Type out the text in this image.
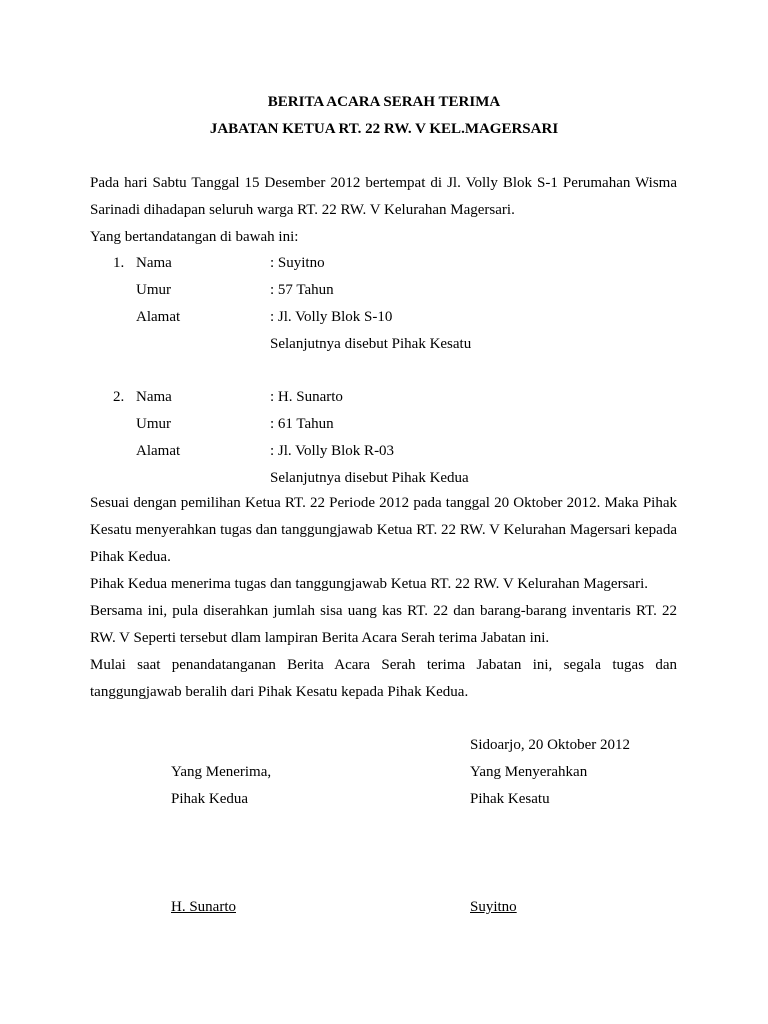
BERITA ACARA SERAH TERIMA
JABATAN KETUA RT. 22 RW. V KEL.MAGERSARI

Pada hari Sabtu Tanggal 15 Desember 2012 bertempat di Jl. Volly Blok S-1 Perumahan Wisma Sarinadi dihadapan seluruh warga RT. 22 RW. V Kelurahan Magersari.

Yang bertandatangan di bawah ini:

1. Nama	: Suyitno
Umur	: 57 Tahun
Alamat	: Jl. Volly Blok S-10
Selanjutnya disebut Pihak Kesatu
2. Nama	: H. Sunarto
Umur	: 61 Tahun
Alamat	: Jl. Volly Blok R-03
Selanjutnya disebut Pihak Kedua

Sesuai dengan pemilihan Ketua RT. 22 Periode 2012 pada tanggal 20 Oktober 2012. Maka Pihak Kesatu menyerahkan tugas dan tanggungjawab Ketua RT. 22 RW. V Kelurahan Magersari kepada Pihak Kedua.

Pihak Kedua menerima tugas dan tanggungjawab Ketua RT. 22 RW. V Kelurahan Magersari.

Bersama ini, pula diserahkan jumlah sisa uang kas RT. 22 dan barang-barang inventaris RT. 22 RW. V Seperti tersebut dlam lampiran Berita Acara Serah terima Jabatan ini.

Mulai saat penandatanganan Berita Acara Serah terima Jabatan ini, segala tugas dan tanggungjawab beralih dari Pihak Kesatu kepada Pihak Kedua.

Sidoarjo, 20 Oktober 2012
Yang Menerima,	Yang Menyerahkan
Pihak Kedua	Pihak Kesatu
H. Sunarto	Suyitno
